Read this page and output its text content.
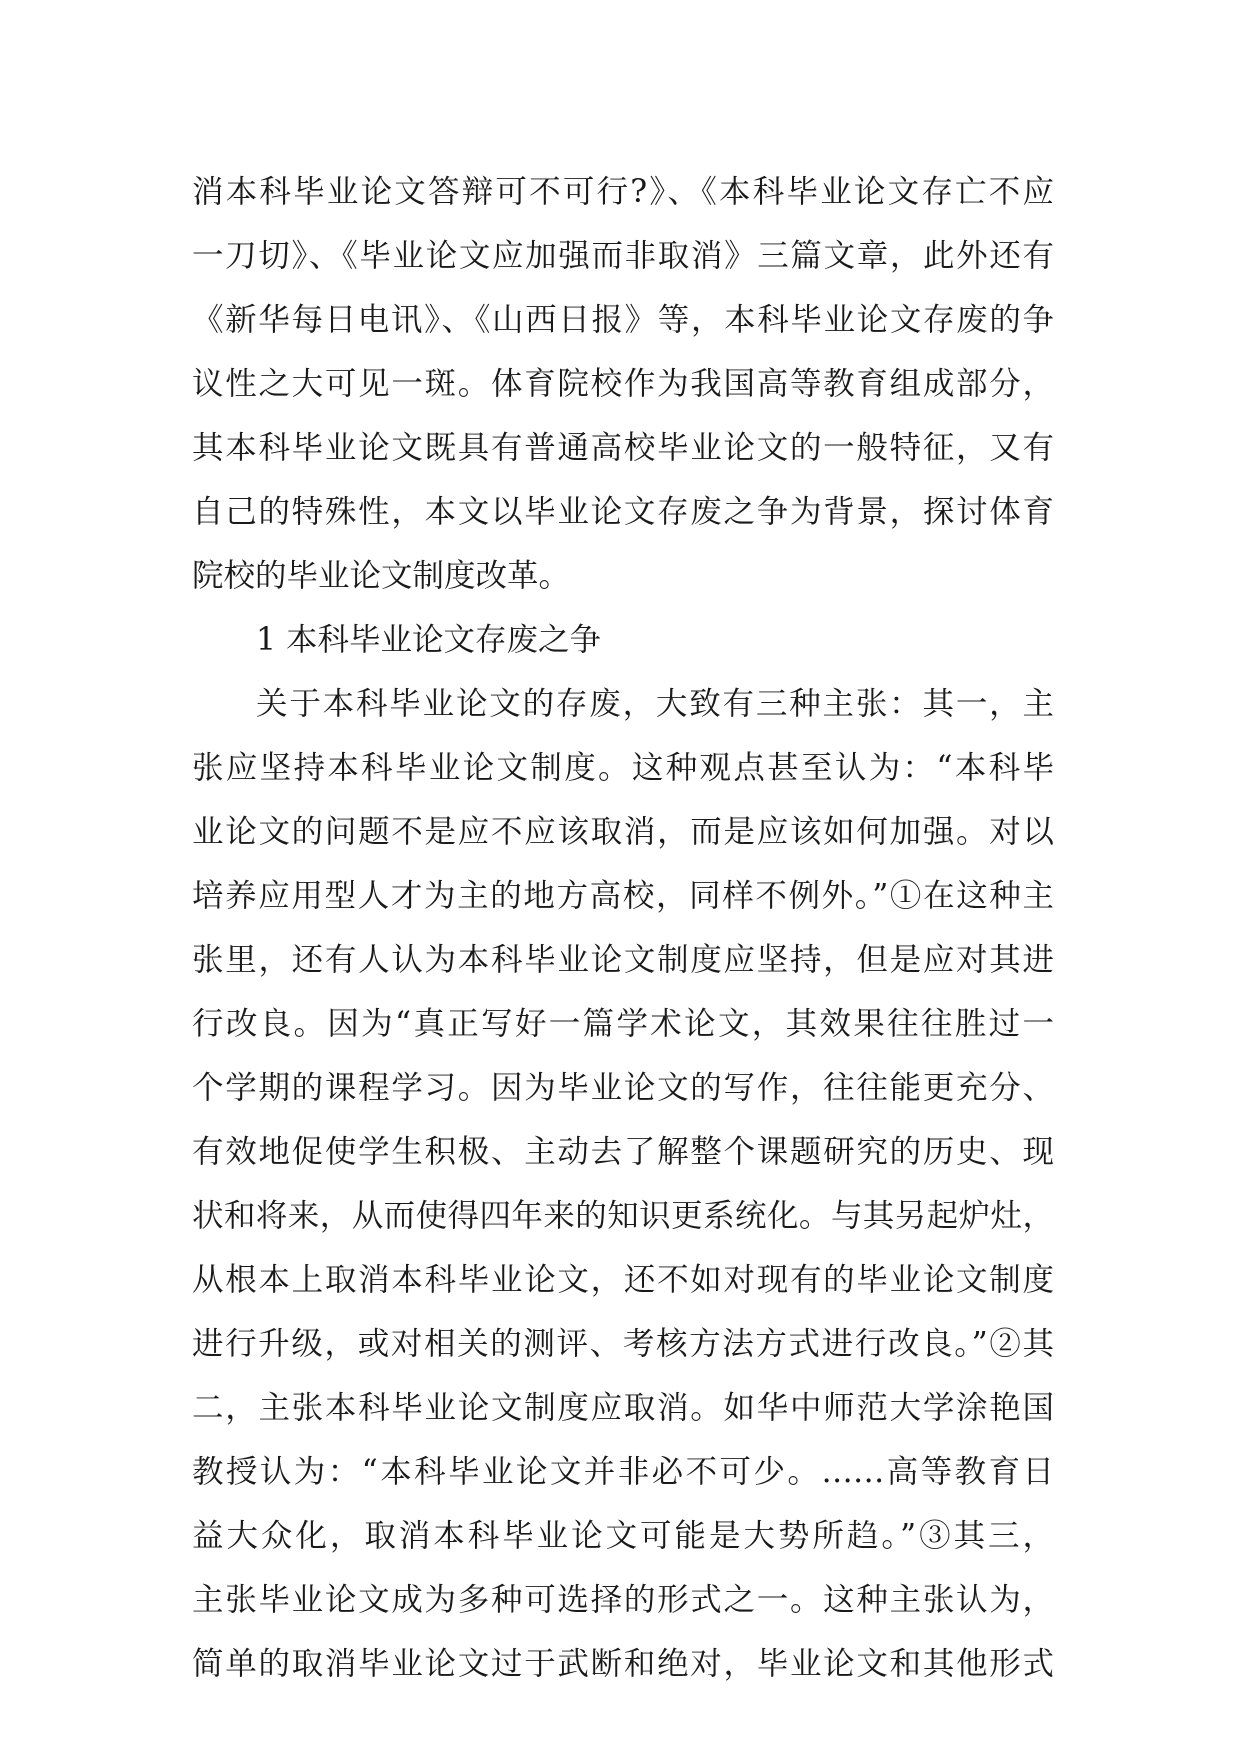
消本科毕业论文答辩可不可行?》、《本科毕业论文存亡不应
一刀切》、《毕业论文应加强而非取消》三篇文章，此外还有
《新华每日电讯》、《山西日报》等，本科毕业论文存废的争
议性之大可见一斑。体育院校作为我国高等教育组成部分，
其本科毕业论文既具有普通高校毕业论文的一般特征，又有
自己的特殊性，本文以毕业论文存废之争为背景，探讨体育
院校的毕业论文制度改革。
1 本科毕业论文存废之争
关于本科毕业论文的存废，大致有三种主张：其一，主
张应坚持本科毕业论文制度。这种观点甚至认为：“本科毕
业论文的问题不是应不应该取消，而是应该如何加强。对以
培养应用型人才为主的地方高校，同样不例外。”①在这种主
张里，还有人认为本科毕业论文制度应坚持，但是应对其进
行改良。因为“真正写好一篇学术论文，其效果往往胜过一
个学期的课程学习。因为毕业论文的写作，往往能更充分、
有效地促使学生积极、主动去了解整个课题研究的历史、现
状和将来，从而使得四年来的知识更系统化。与其另起炉灶，
从根本上取消本科毕业论文，还不如对现有的毕业论文制度
进行升级，或对相关的测评、考核方法方式进行改良。”②其
二，主张本科毕业论文制度应取消。如华中师范大学涂艳国
教授认为：“本科毕业论文并非必不可少。……高等教育日
益大众化，取消本科毕业论文可能是大势所趋。”③其三，
主张毕业论文成为多种可选择的形式之一。这种主张认为，
简单的取消毕业论文过于武断和绝对，毕业论文和其他形式
